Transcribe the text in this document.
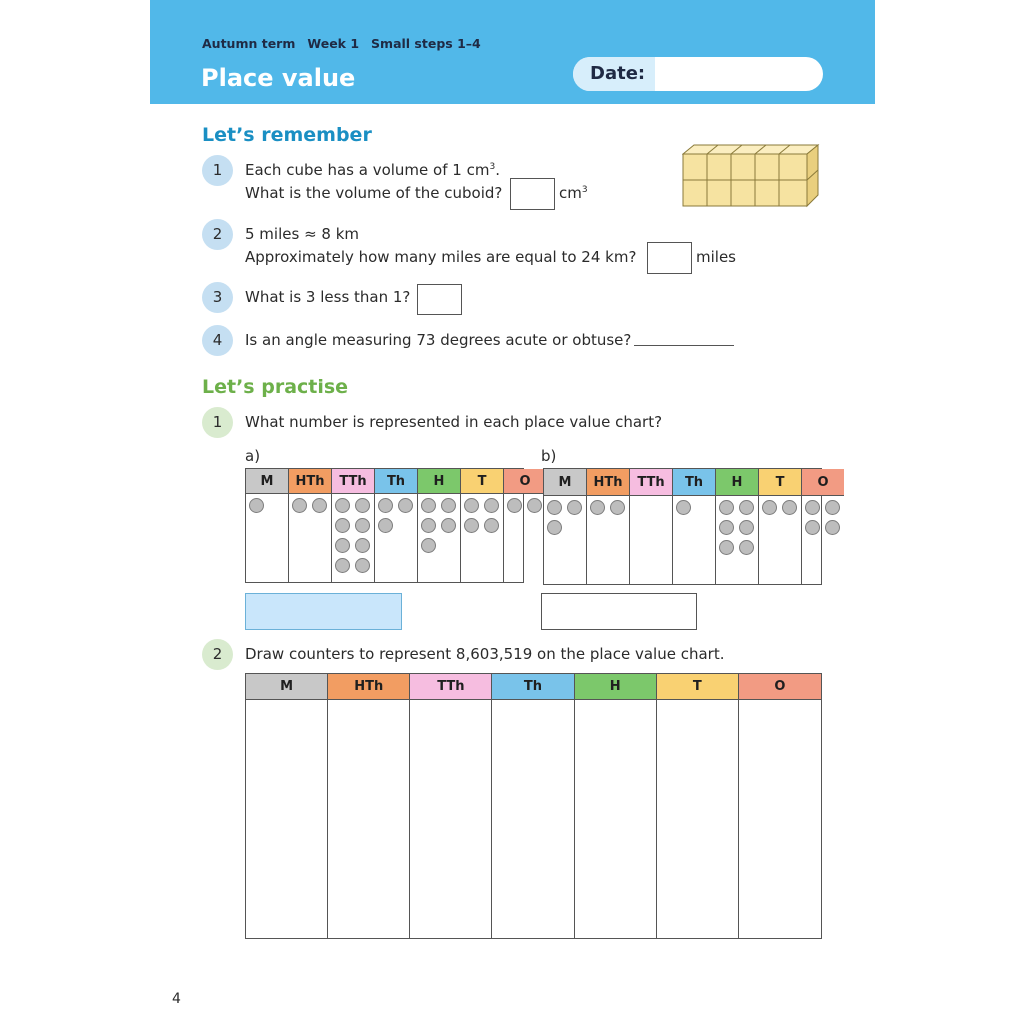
Autumn term Week 1 Small steps 1–4
Place value	Date:
Let’s remember
1	Each cube has a volume of 1 $cm^3$.
What is the volume of the cuboid?	$cm^3$
2	5 miles ≈ 8 km
Approximately how many miles are equal to 24 km?	miles
3	What is 3 less than 1?
4	Is an angle measuring 73 degrees acute or obtuse?
Let’s practise
1	What number is represented in each place value chart?
a)	b)
M	HTh	TTh	Th	H	T	O	M	HTh	TTh	Th	H	T	O
2	Draw counters to represent 8,603,519 on the place value chart.
M	HTh	TTh	Th	H	T	O
4
